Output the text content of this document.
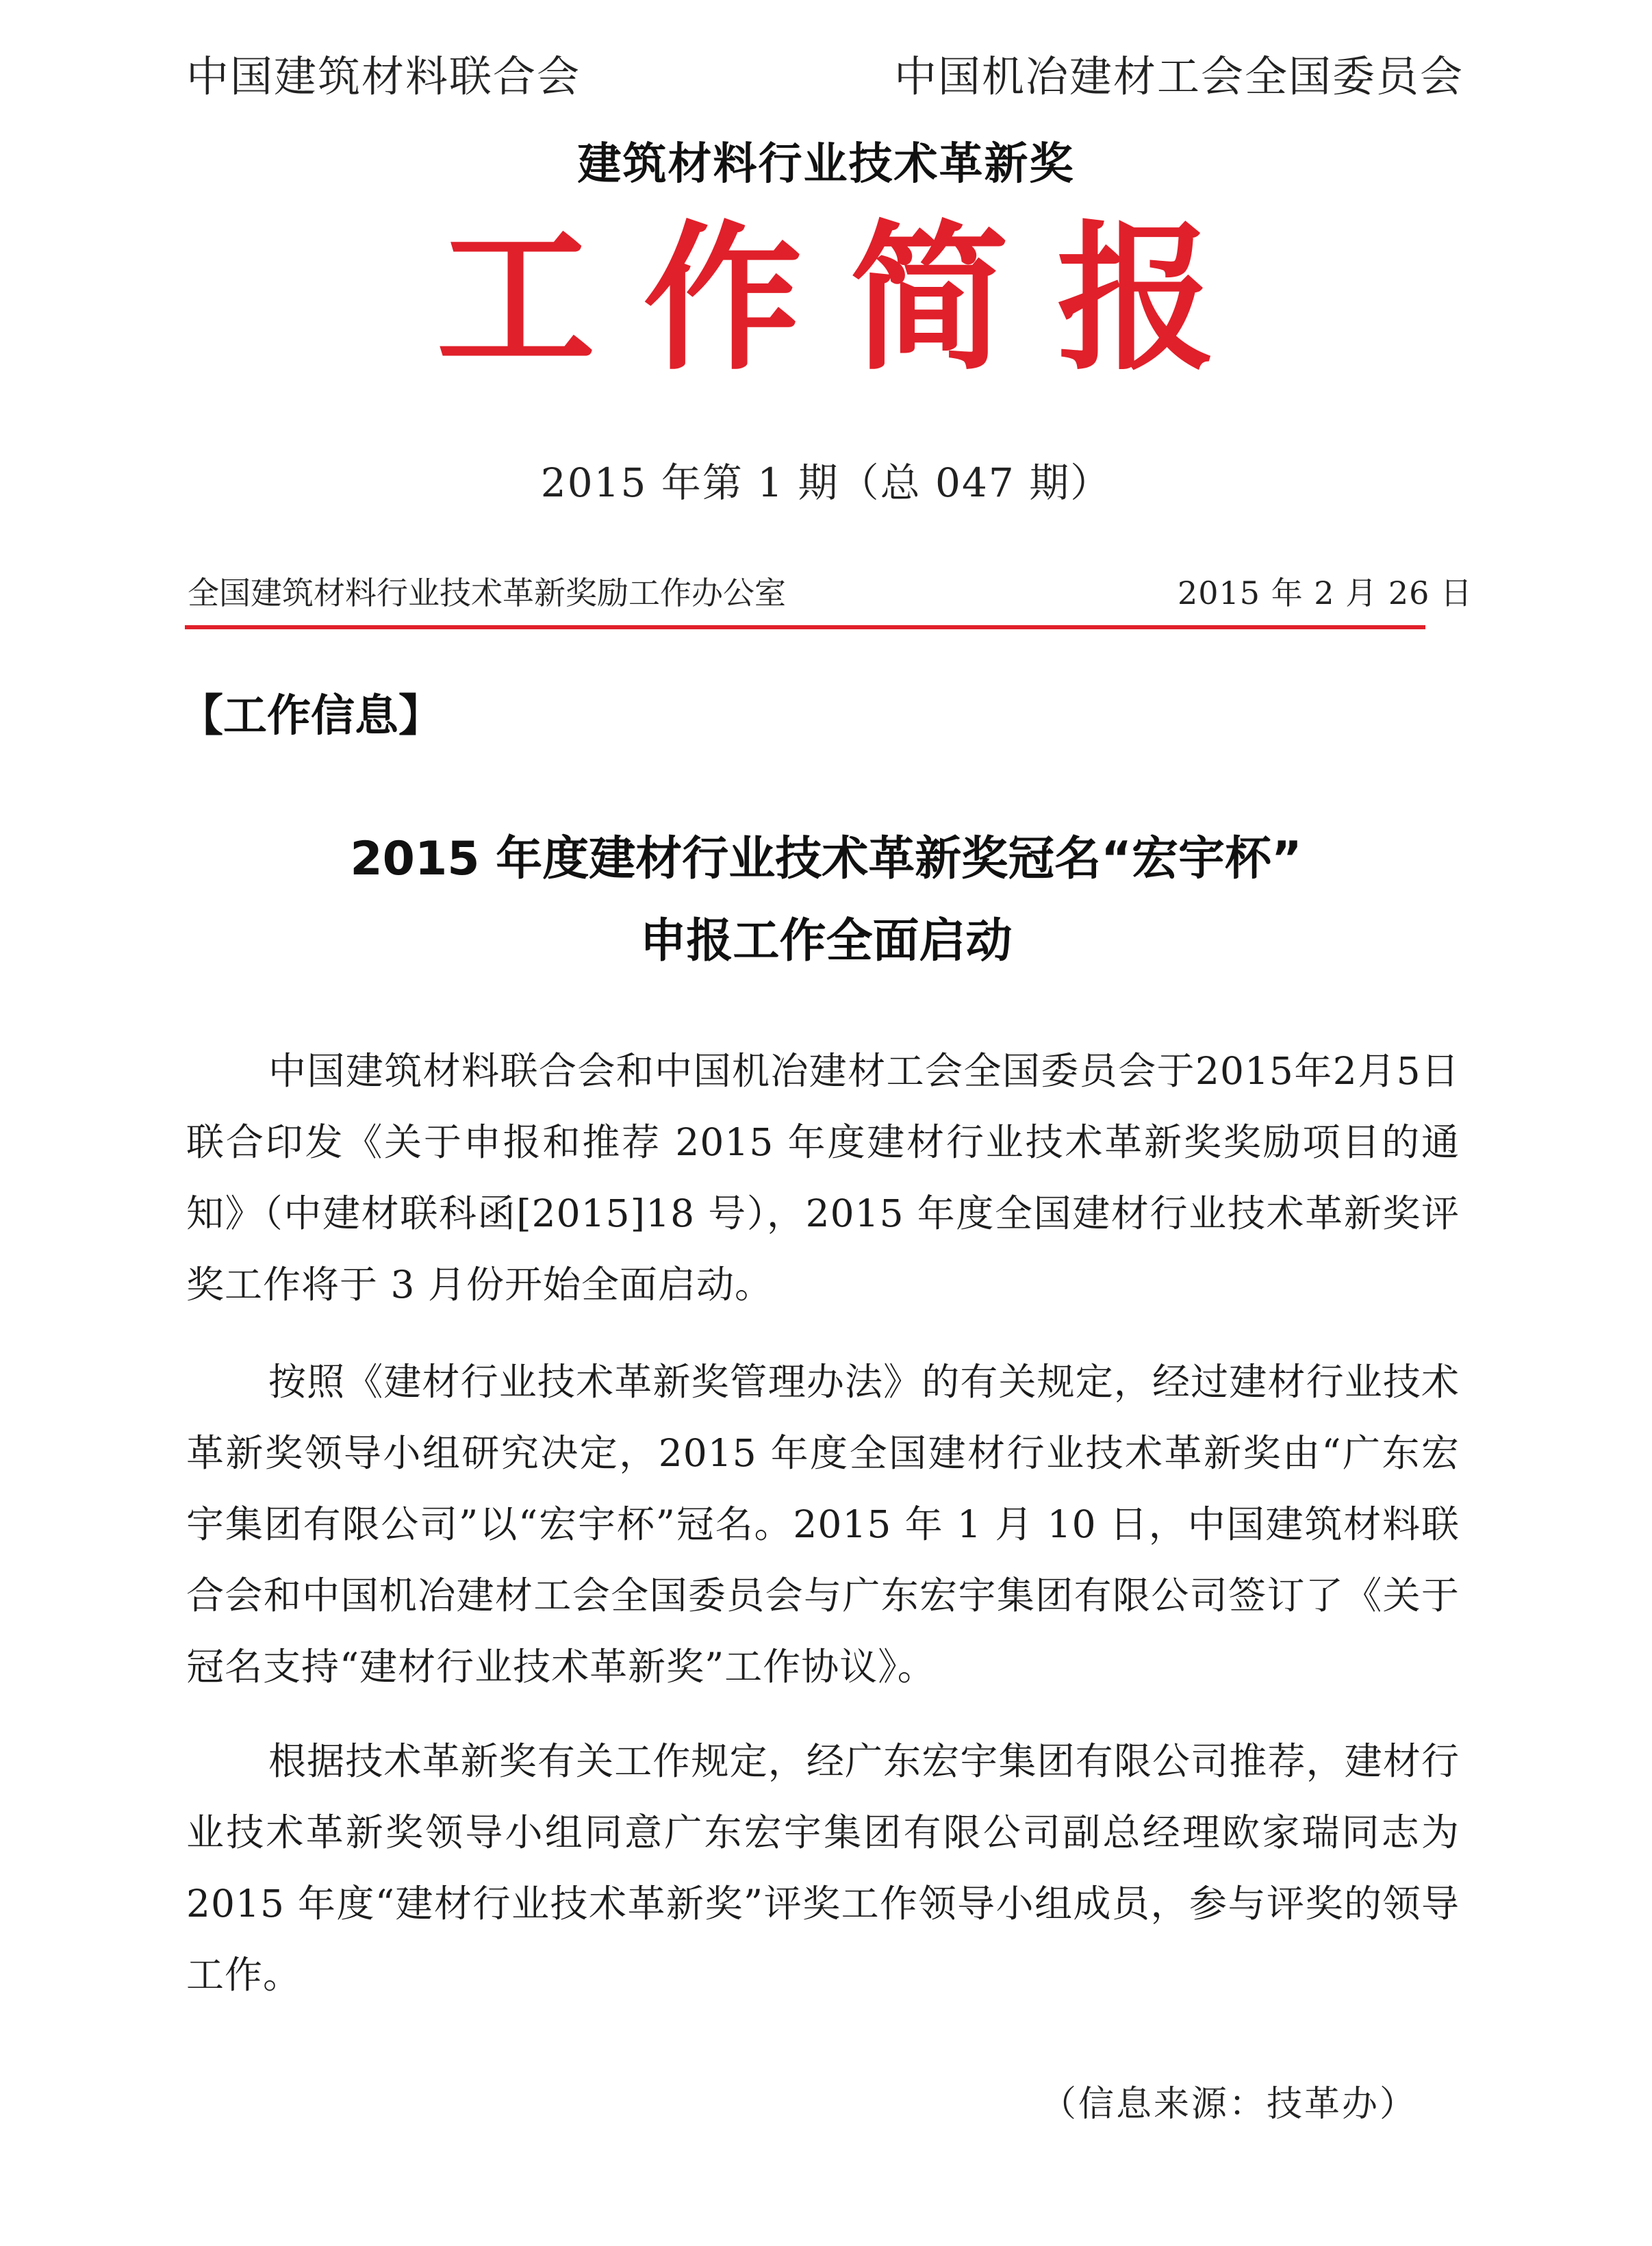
中国建筑材料联合会	中国机冶建材工会全国委员会
建筑材料行业技术革新奖
工作简报
2015 年第 1 期（总 047 期）
全国建筑材料行业技术革新奖励工作办公室	2015 年 2 月 26 日
【工作信息】
2015 年度建材行业技术革新奖冠名“宏宇杯”
申报工作全面启动
中国建筑材料联合会和中国机冶建材工会全国委员会于2015年2月5日联合印发《关于申报和推荐 2015 年度建材行业技术革新奖奖励项目的通知》（中建材联科函[2015]18 号），2015 年度全国建材行业技术革新奖评奖工作将于 3 月份开始全面启动。
按照《建材行业技术革新奖管理办法》的有关规定，经过建材行业技术革新奖领导小组研究决定，2015 年度全国建材行业技术革新奖由“广东宏宇集团有限公司”以“宏宇杯”冠名。2015 年 1 月 10 日，中国建筑材料联合会和中国机冶建材工会全国委员会与广东宏宇集团有限公司签订了《关于冠名支持“建材行业技术革新奖”工作协议》。
根据技术革新奖有关工作规定，经广东宏宇集团有限公司推荐，建材行业技术革新奖领导小组同意广东宏宇集团有限公司副总经理欧家瑞同志为 2015 年度“建材行业技术革新奖”评奖工作领导小组成员，参与评奖的领导工作。
（信息来源：技革办）
